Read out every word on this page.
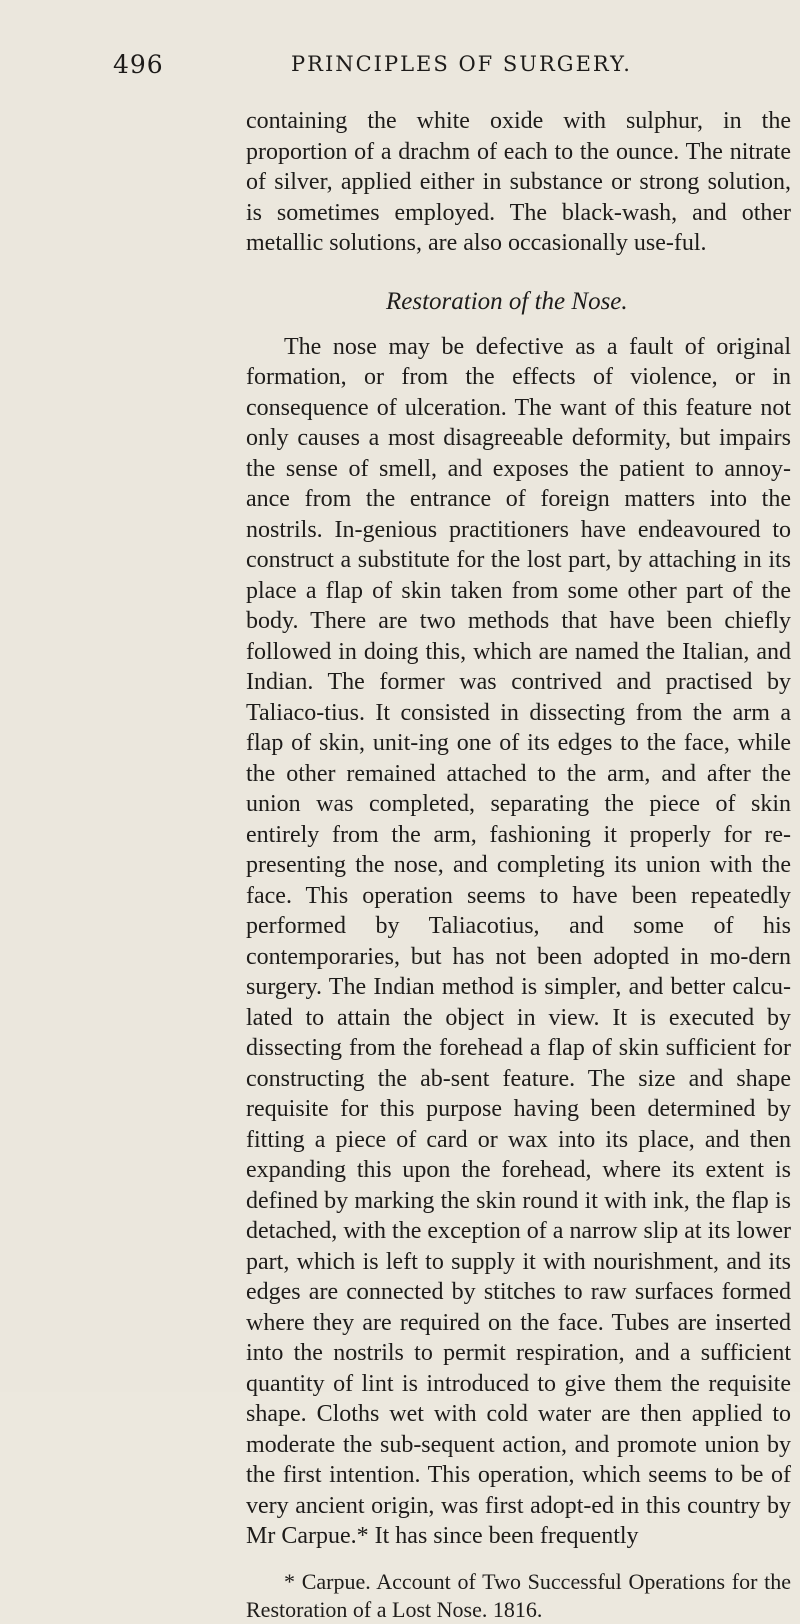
496	PRINCIPLES OF SURGERY.

containing the white oxide with sulphur, in the proportion of a drachm of each to the ounce. The nitrate of silver, applied either in substance or strong solution, is sometimes employed. The black-wash, and other metallic solutions, are also occasionally use-ful.

Restoration of the Nose.

The nose may be defective as a fault of original formation, or from the effects of violence, or in consequence of ulceration. The want of this feature not only causes a most disagreeable deformity, but impairs the sense of smell, and exposes the patient to annoy-ance from the entrance of foreign matters into the nostrils. In-genious practitioners have endeavoured to construct a substitute for the lost part, by attaching in its place a flap of skin taken from some other part of the body. There are two methods that have been chiefly followed in doing this, which are named the Italian, and Indian. The former was contrived and practised by Taliaco-tius. It consisted in dissecting from the arm a flap of skin, unit-ing one of its edges to the face, while the other remained attached to the arm, and after the union was completed, separating the piece of skin entirely from the arm, fashioning it properly for re-presenting the nose, and completing its union with the face. This operation seems to have been repeatedly performed by Taliacotius, and some of his contemporaries, but has not been adopted in mo-dern surgery. The Indian method is simpler, and better calcu-lated to attain the object in view. It is executed by dissecting from the forehead a flap of skin sufficient for constructing the ab-sent feature. The size and shape requisite for this purpose having been determined by fitting a piece of card or wax into its place, and then expanding this upon the forehead, where its extent is defined by marking the skin round it with ink, the flap is detached, with the exception of a narrow slip at its lower part, which is left to supply it with nourishment, and its edges are connected by stitches to raw surfaces formed where they are required on the face. Tubes are inserted into the nostrils to permit respiration, and a sufficient quantity of lint is introduced to give them the requisite shape. Cloths wet with cold water are then applied to moderate the sub-sequent action, and promote union by the first intention. This operation, which seems to be of very ancient origin, was first adopt-ed in this country by Mr Carpue.* It has since been frequently

* Carpue. Account of Two Successful Operations for the Restoration of a Lost Nose. 1816.
